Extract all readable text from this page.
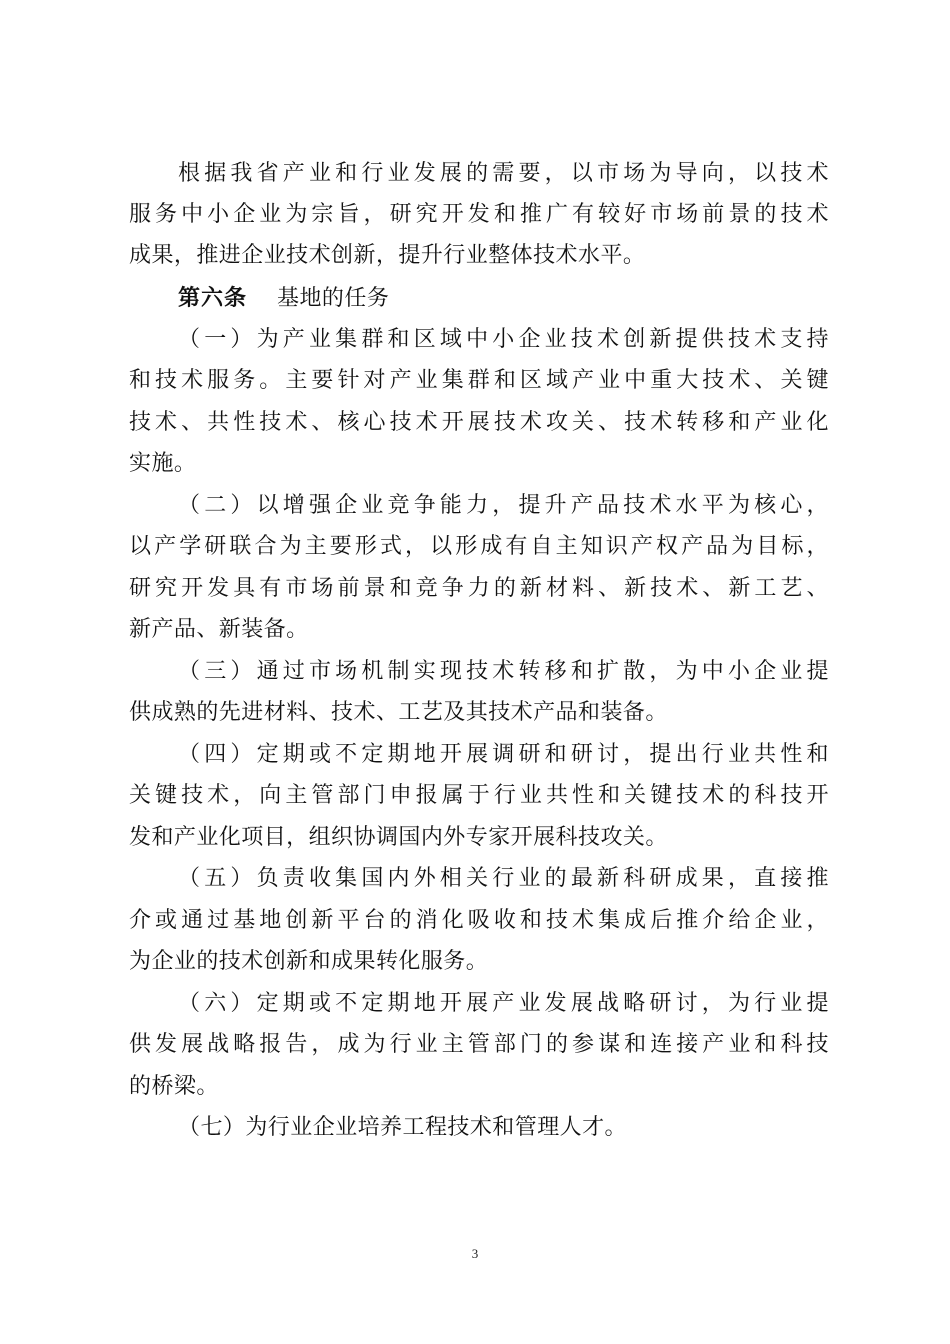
根据我省产业和行业发展的需要，以市场为导向，以技术
服务中小企业为宗旨，研究开发和推广有较好市场前景的技术
成果，推进企业技术创新，提升行业整体技术水平。
第六条 基地的任务
（一）为产业集群和区域中小企业技术创新提供技术支持
和技术服务。主要针对产业集群和区域产业中重大技术、关键
技术、共性技术、核心技术开展技术攻关、技术转移和产业化
实施。
（二）以增强企业竞争能力，提升产品技术水平为核心，
以产学研联合为主要形式，以形成有自主知识产权产品为目标，
研究开发具有市场前景和竞争力的新材料、新技术、新工艺、
新产品、新装备。
（三）通过市场机制实现技术转移和扩散，为中小企业提
供成熟的先进材料、技术、工艺及其技术产品和装备。
（四）定期或不定期地开展调研和研讨，提出行业共性和
关键技术，向主管部门申报属于行业共性和关键技术的科技开
发和产业化项目，组织协调国内外专家开展科技攻关。
（五）负责收集国内外相关行业的最新科研成果，直接推
介或通过基地创新平台的消化吸收和技术集成后推介给企业，
为企业的技术创新和成果转化服务。
（六）定期或不定期地开展产业发展战略研讨，为行业提
供发展战略报告，成为行业主管部门的参谋和连接产业和科技
的桥梁。
（七）为行业企业培养工程技术和管理人才。
3
